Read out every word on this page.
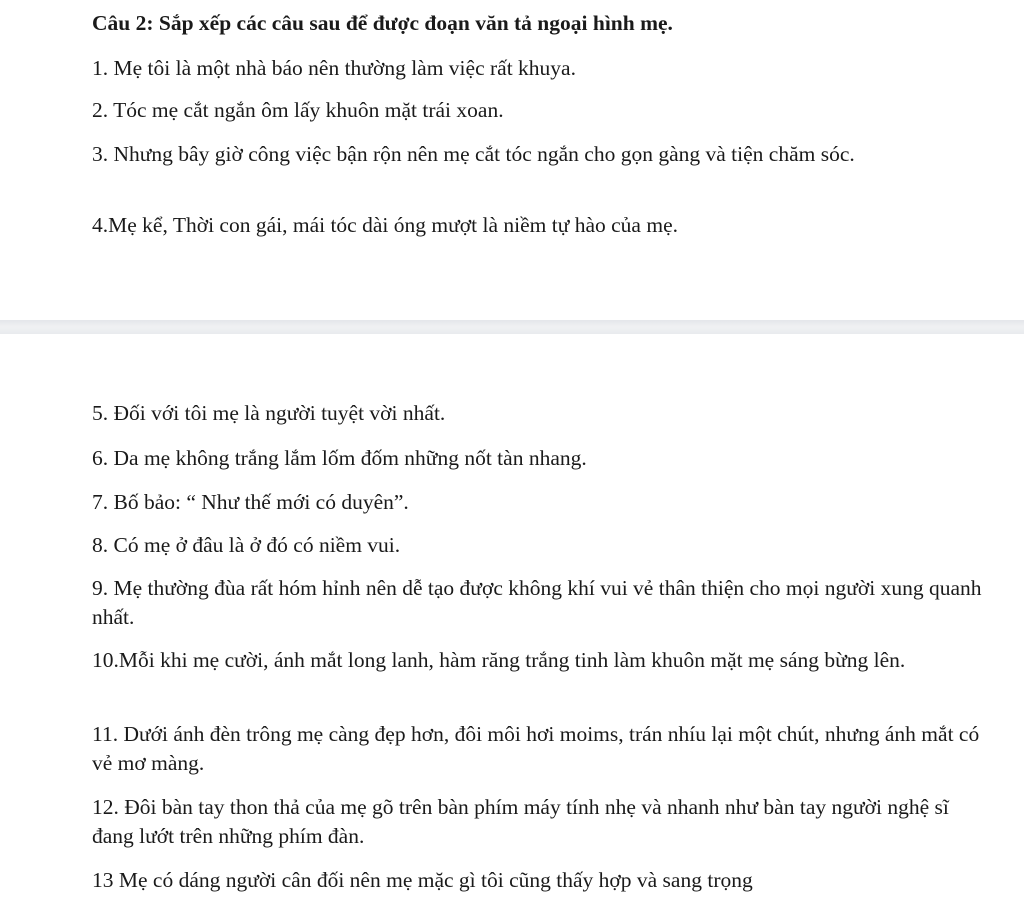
Câu 2: Sắp xếp các câu sau để được đoạn văn tả ngoại hình mẹ.

1. Mẹ tôi là một nhà báo nên thường làm việc rất khuya.

2. Tóc mẹ cắt ngắn ôm lấy khuôn mặt trái xoan.

3. Nhưng bây giờ công việc bận rộn nên mẹ cắt tóc ngắn cho gọn gàng và tiện chăm sóc.

4.Mẹ kể, Thời con gái, mái tóc dài óng mượt là niềm tự hào của mẹ.

5. Đối với tôi mẹ là người tuyệt vời nhất.

6. Da mẹ không trắng lắm lốm đốm những nốt tàn nhang.

7. Bố bảo: “ Như thế mới có duyên”.

8. Có mẹ ở đâu là ở đó có niềm vui.

9. Mẹ thường đùa rất hóm hỉnh nên dễ tạo được không khí vui vẻ thân thiện cho mọi người xung quanh nhất.

10.Mỗi khi mẹ cười, ánh mắt long lanh, hàm răng trắng tinh làm khuôn mặt mẹ sáng bừng lên.

11. Dưới ánh đèn trông mẹ càng đẹp hơn, đôi môi hơi moims, trán nhíu lại một chút, nhưng ánh mắt có vẻ mơ màng.

12. Đôi bàn tay thon thả của mẹ gõ trên bàn phím máy tính nhẹ và nhanh như bàn tay người nghệ sĩ đang lướt trên những phím đàn.

13 Mẹ có dáng người cân đối nên mẹ mặc gì tôi cũng thấy hợp và sang trọng
